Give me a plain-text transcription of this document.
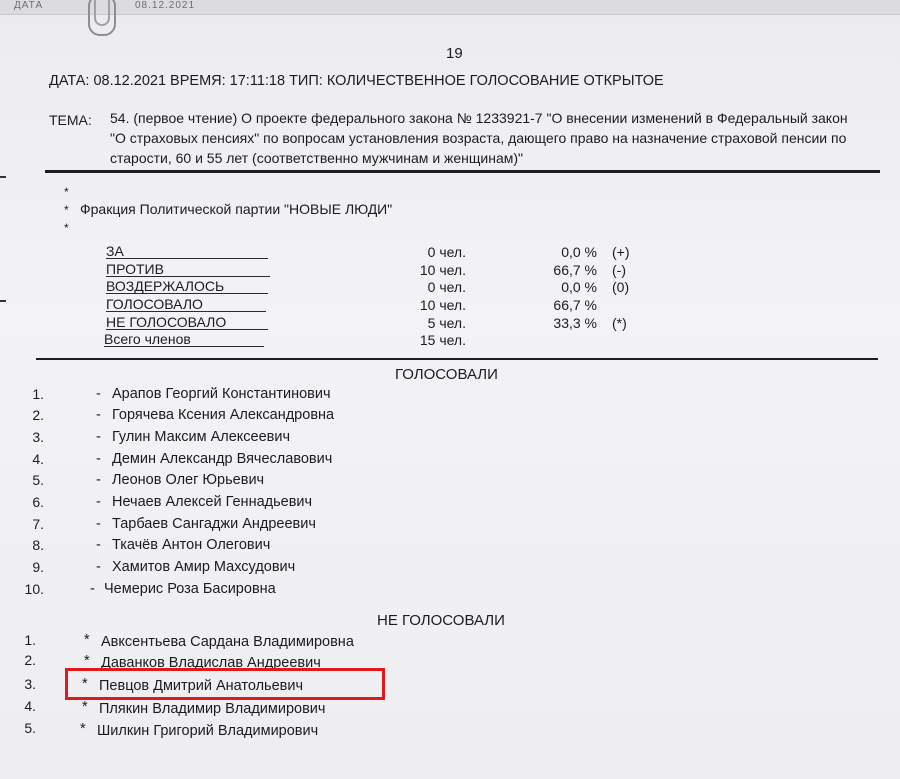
ДАТА	08.12.2021
19
ДАТА: 08.12.2021 ВРЕМЯ: 17:11:18 ТИП: КОЛИЧЕСТВЕННОЕ ГОЛОСОВАНИЕ ОТКРЫТОЕ
ТЕМА: 54. (первое чтение) О проекте федерального закона № 1233921-7 "О внесении изменений в Федеральный закон "О страховых пенсиях" по вопросам установления возраста, дающего право на назначение страховой пенсии по старости, 60 и 55 лет (соответственно мужчинам и женщинам)"
*
*
*
Фракция Политической партии "НОВЫЕ ЛЮДИ"
ЗА	0 чел.	0,0 % (+)
ПРОТИВ	10 чел.	66,7 % (-)
ВОЗДЕРЖАЛОСЬ	0 чел.	0,0 % (0)
ГОЛОСОВАЛО	10 чел.	66,7 %
НЕ ГОЛОСОВАЛО	5 чел.	33,3 % (*)
Всего членов	15 чел.
ГОЛОСОВАЛИ
1.	- Арапов Георгий Константинович
2.	- Горячева Ксения Александровна
3.	- Гулин Максим Алексеевич
4.	- Демин Александр Вячеславович
5.	- Леонов Олег Юрьевич
6.	- Нечаев Алексей Геннадьевич
7.	- Тарбаев Сангаджи Андреевич
8.	- Ткачёв Антон Олегович
9.	- Хамитов Амир Махсудович
10.	- Чемерис Роза Басировна
НЕ ГОЛОСОВАЛИ
1.	* Авксентьева Сардана Владимировна
2.	* Даванков Владислав Андреевич
3.	* Певцов Дмитрий Анатольевич
4.	* Плякин Владимир Владимирович
5.	* Шилкин Григорий Владимирович
